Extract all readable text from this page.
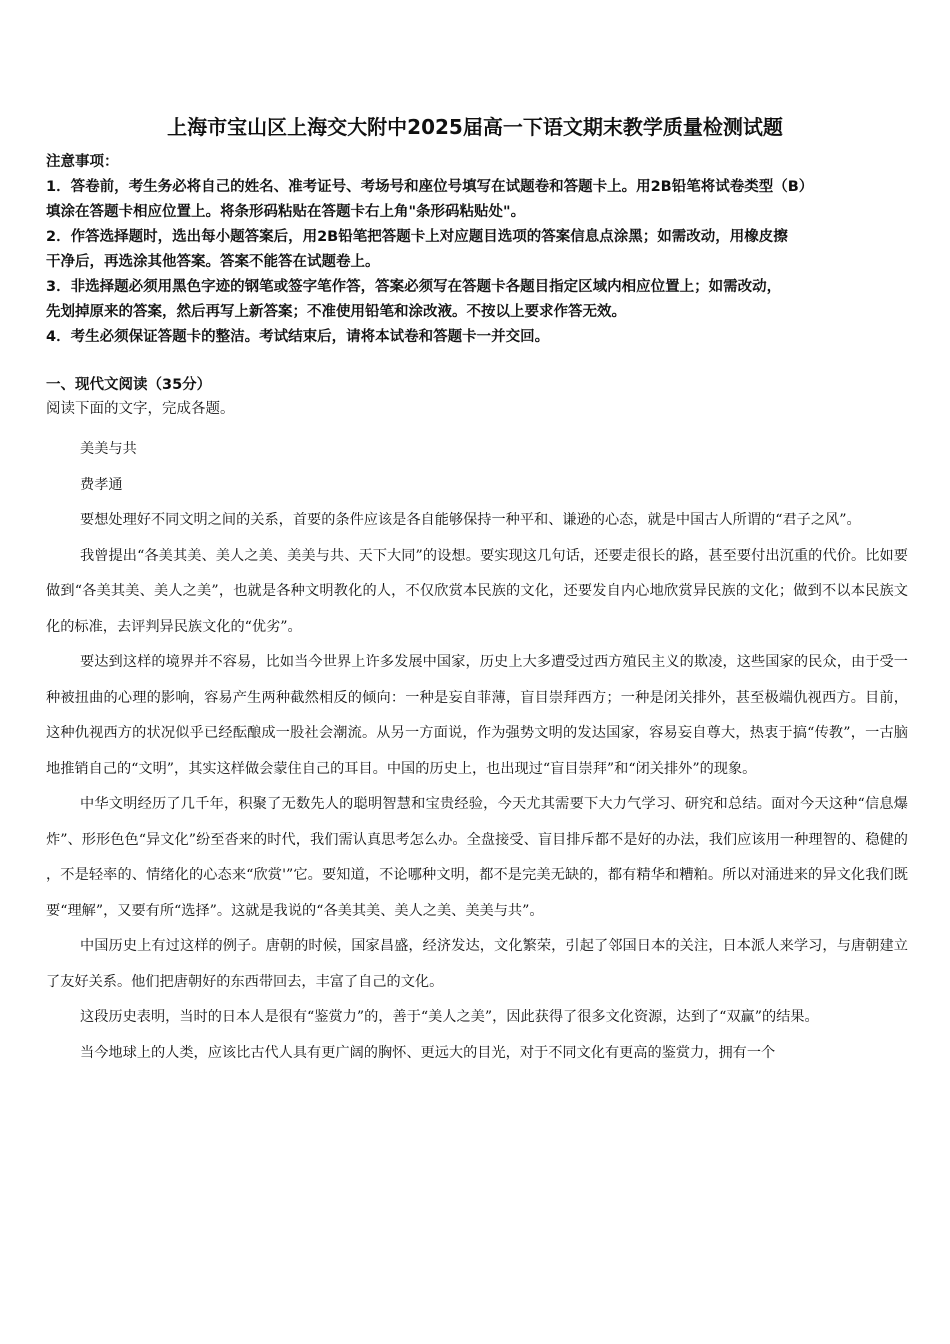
上海市宝山区上海交大附中2025届高一下语文期末教学质量检测试题
注意事项：
1．答卷前，考生务必将自己的姓名、准考证号、考场号和座位号填写在试题卷和答题卡上。用2B铅笔将试卷类型（B）
填涂在答题卡相应位置上。将条形码粘贴在答题卡右上角"条形码粘贴处"。
2．作答选择题时，选出每小题答案后，用2B铅笔把答题卡上对应题目选项的答案信息点涂黑；如需改动，用橡皮擦
干净后，再选涂其他答案。答案不能答在试题卷上。
3．非选择题必须用黑色字迹的钢笔或签字笔作答，答案必须写在答题卡各题目指定区域内相应位置上；如需改动，
先划掉原来的答案，然后再写上新答案；不准使用铅笔和涂改液。不按以上要求作答无效。
4．考生必须保证答题卡的整洁。考试结束后，请将本试卷和答题卡一并交回。
一、现代文阅读（35分）
阅读下面的文字，完成各题。
美美与共
费孝通

要想处理好不同文明之间的关系，首要的条件应该是各自能够保持一种平和、谦逊的心态，就是中国古人所谓的“君子之风”。

我曾提出“各美其美、美人之美、美美与共、天下大同”的设想。要实现这几句话，还要走很长的路，甚至要付出沉重的代价。比如要做到“各美其美、美人之美”，也就是各种文明教化的人，不仅欣赏本民族的文化，还要发自内心地欣赏异民族的文化；做到不以本民族文化的标准，去评判异民族文化的“优劣”。

要达到这样的境界并不容易，比如当今世界上许多发展中国家，历史上大多遭受过西方殖民主义的欺凌，这些国家的民众，由于受一种被扭曲的心理的影响，容易产生两种截然相反的倾向：一种是妄自菲薄，盲目崇拜西方；一种是闭关排外，甚至极端仇视西方。目前，这种仇视西方的状况似乎已经酝酿成一股社会潮流。从另一方面说，作为强势文明的发达国家，容易妄自尊大，热衷于搞“传教”，一古脑地推销自己的“文明”，其实这样做会蒙住自己的耳目。中国的历史上，也出现过“盲目崇拜”和“闭关排外”的现象。

中华文明经历了几千年，积聚了无数先人的聪明智慧和宝贵经验，今天尤其需要下大力气学习、研究和总结。面对今天这种“信息爆炸”、形形色色“异文化”纷至沓来的时代，我们需认真思考怎么办。全盘接受、盲目排斥都不是好的办法，我们应该用一种理智的、稳健的，不是轻率的、情绪化的心态来“欣赏'”它。要知道，不论哪种文明，都不是完美无缺的，都有精华和糟粕。所以对涌进来的异文化我们既要“理解”，又要有所“选择”。这就是我说的“各美其美、美人之美、美美与共”。

中国历史上有过这样的例子。唐朝的时候，国家昌盛，经济发达，文化繁荣，引起了邻国日本的关注，日本派人来学习，与唐朝建立了友好关系。他们把唐朝好的东西带回去，丰富了自己的文化。

这段历史表明，当时的日本人是很有“鉴赏力”的，善于“美人之美”，因此获得了很多文化资源，达到了“双赢”的结果。

当今地球上的人类，应该比古代人具有更广阔的胸怀、更远大的目光，对于不同文化有更高的鉴赏力，拥有一个
